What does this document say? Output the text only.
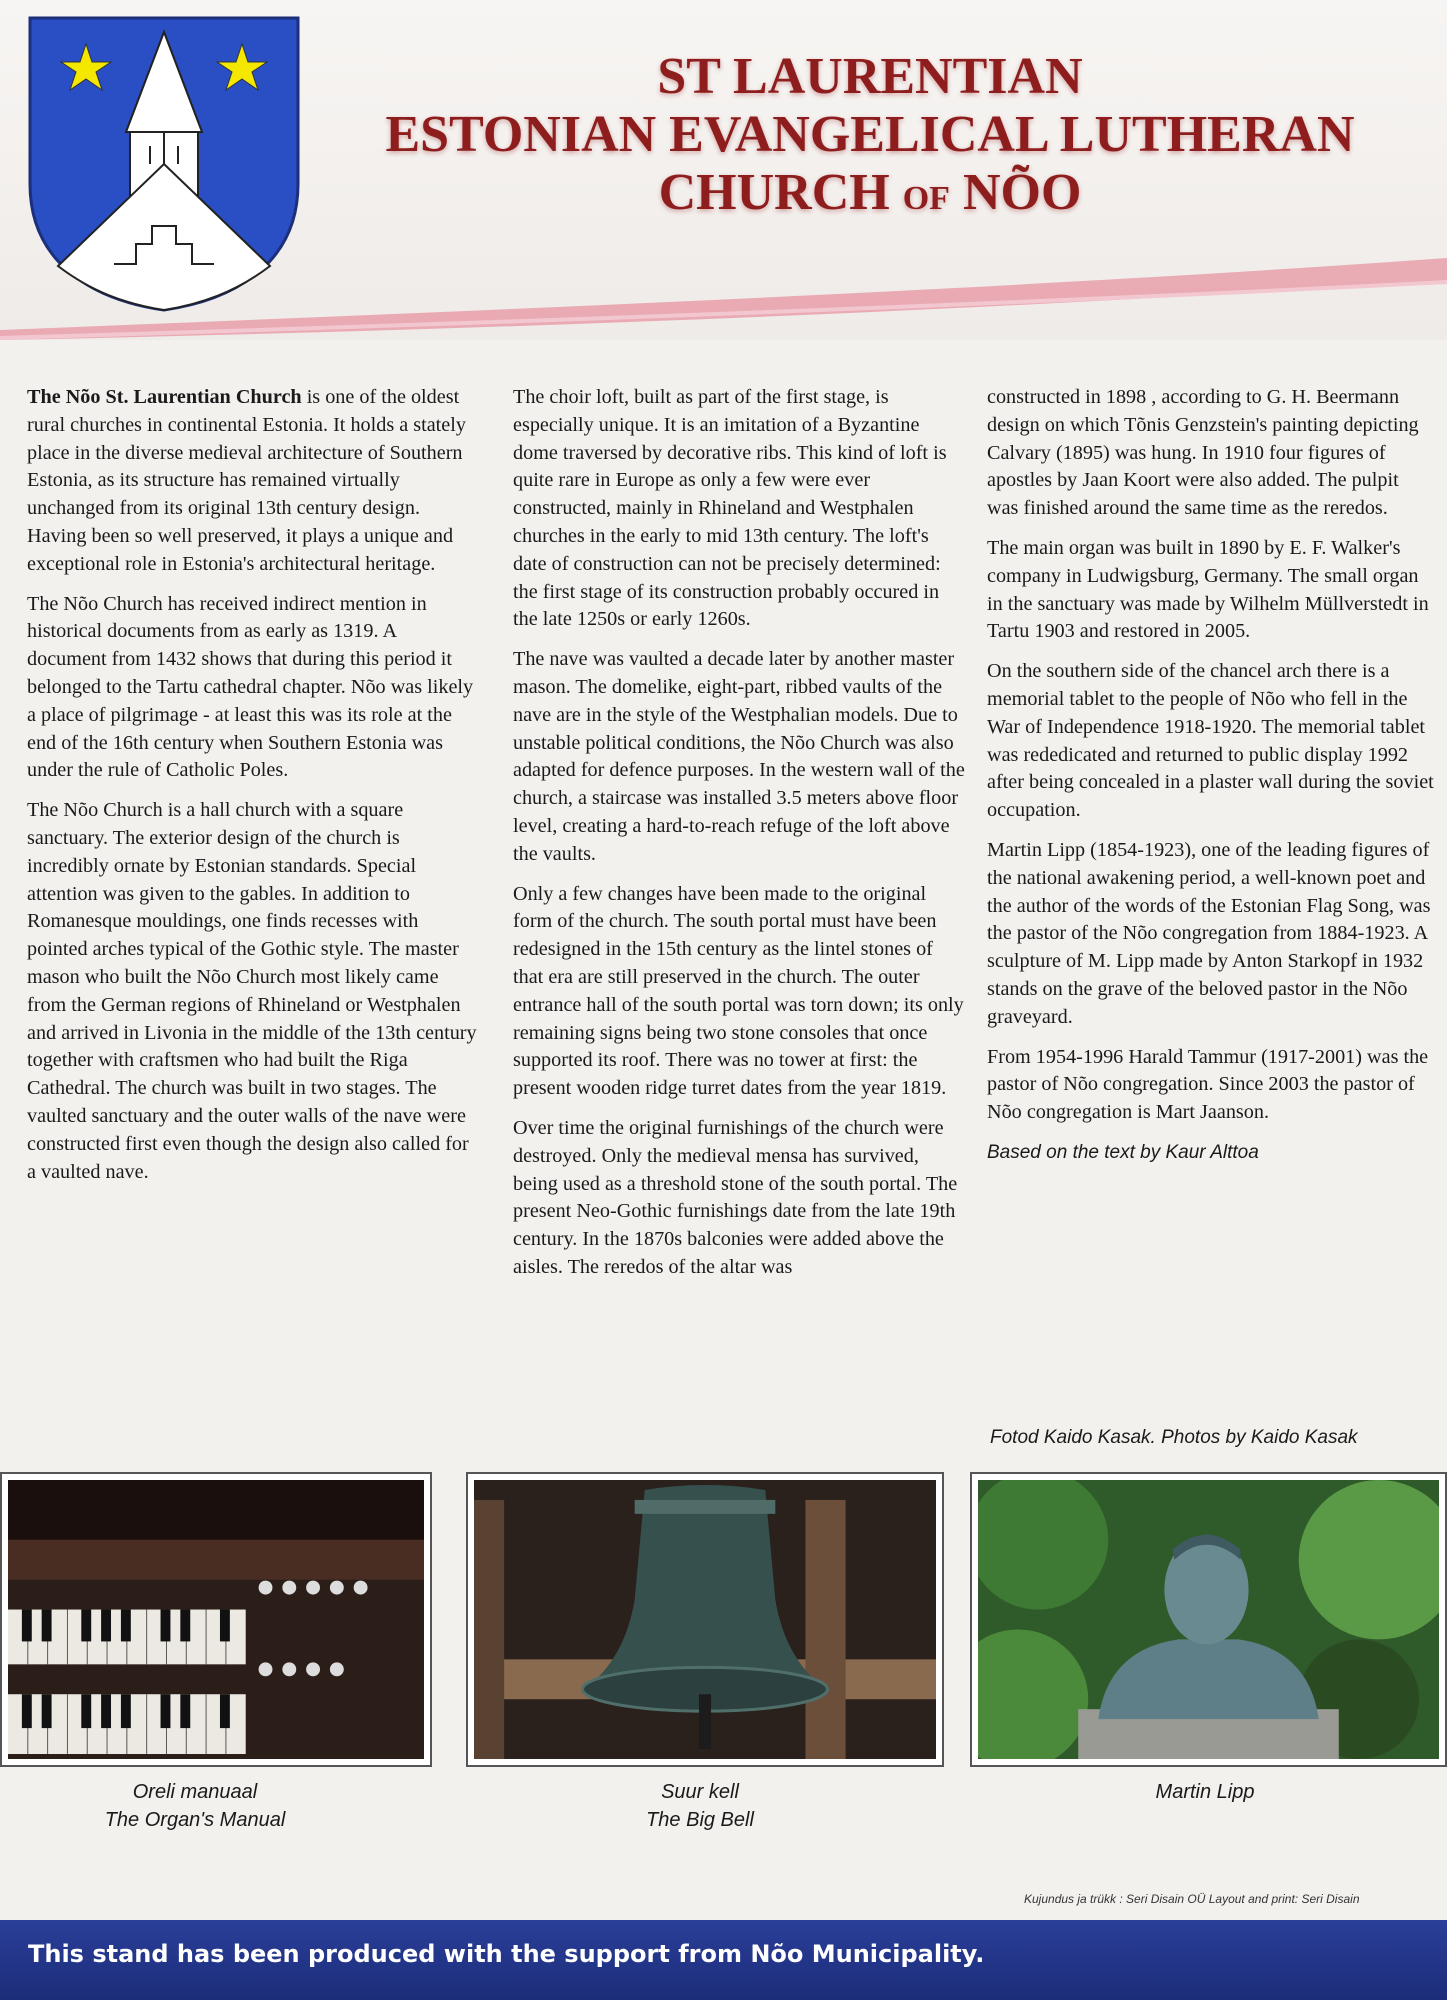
ST LAURENTIAN
ESTONIAN EVANGELICAL LUTHERAN
CHURCH OF NÕO

The Nõo St. Laurentian Church is one of the oldest rural churches in continental Estonia. It holds a stately place in the diverse medieval architecture of Southern Estonia, as its structure has remained virtually unchanged from its original 13th century design. Having been so well preserved, it plays a unique and exceptional role in Estonia's architectural heritage.

The Nõo Church has received indirect mention in historical documents from as early as 1319. A document from 1432 shows that during this period it belonged to the Tartu cathedral chapter. Nõo was likely a place of pilgrimage - at least this was its role at the end of the 16th century when Southern Estonia was under the rule of Catholic Poles.

The Nõo Church is a hall church with a square sanctuary. The exterior design of the church is incredibly ornate by Estonian standards. Special attention was given to the gables. In addition to Romanesque mouldings, one finds recesses with pointed arches typical of the Gothic style. The master mason who built the Nõo Church most likely came from the German regions of Rhineland or Westphalen and arrived in Livonia in the middle of the 13th century together with craftsmen who had built the Riga Cathedral. The church was built in two stages. The vaulted sanctuary and the outer walls of the nave were constructed first even though the design also called for a vaulted nave.

The choir loft, built as part of the first stage, is especially unique. It is an imitation of a Byzantine dome traversed by decorative ribs. This kind of loft is quite rare in Europe as only a few were ever constructed, mainly in Rhineland and Westphalen churches in the early to mid 13th century. The loft's date of construction can not be precisely determined: the first stage of its construction probably occured in the late 1250s or early 1260s.

The nave was vaulted a decade later by another master mason. The domelike, eight-part, ribbed vaults of the nave are in the style of the Westphalian models. Due to unstable political conditions, the Nõo Church was also adapted for defence purposes. In the western wall of the church, a staircase was installed 3.5 meters above floor level, creating a hard-to-reach refuge of the loft above the vaults.

Only a few changes have been made to the original form of the church. The south portal must have been redesigned in the 15th century as the lintel stones of that era are still preserved in the church. The outer entrance hall of the south portal was torn down; its only remaining signs being two stone consoles that once supported its roof. There was no tower at first: the present wooden ridge turret dates from the year 1819.

Over time the original furnishings of the church were destroyed. Only the medieval mensa has survived, being used as a threshold stone of the south portal. The present Neo-Gothic furnishings date from the late 19th century. In the 1870s balconies were added above the aisles. The reredos of the altar was

constructed in 1898 , according to G. H. Beermann design on which Tõnis Genzstein's painting depicting Calvary (1895) was hung. In 1910 four figures of apostles by Jaan Koort were also added. The pulpit was finished around the same time as the reredos.

The main organ was built in 1890 by E. F. Walker's company in Ludwigsburg, Germany. The small organ in the sanctuary was made by Wilhelm Müllverstedt in Tartu 1903 and restored in 2005.

On the southern side of the chancel arch there is a memorial tablet to the people of Nõo who fell in the War of Independence 1918-1920. The memorial tablet was rededicated and returned to public display 1992 after being concealed in a plaster wall during the soviet occupation.

Martin Lipp (1854-1923), one of the leading figures of the national awakening period, a well-known poet and the author of the words of the Estonian Flag Song, was the pastor of the Nõo congregation from 1884-1923. A sculpture of M. Lipp made by Anton Starkopf in 1932 stands on the grave of the beloved pastor in the Nõo graveyard.

From 1954-1996 Harald Tammur (1917-2001) was the pastor of Nõo congregation. Since 2003 the pastor of Nõo congregation is Mart Jaanson.

Based on the text by Kaur Alttoa

Fotod Kaido Kasak. Photos by Kaido Kasak
Oreli manuaal
The Organ's Manual
Suur kell
The Big Bell
Martin Lipp
Kujundus ja trükk : Seri Disain OÜ Layout and print: Seri Disain
This stand has been produced with the support from Nõo Municipality.
